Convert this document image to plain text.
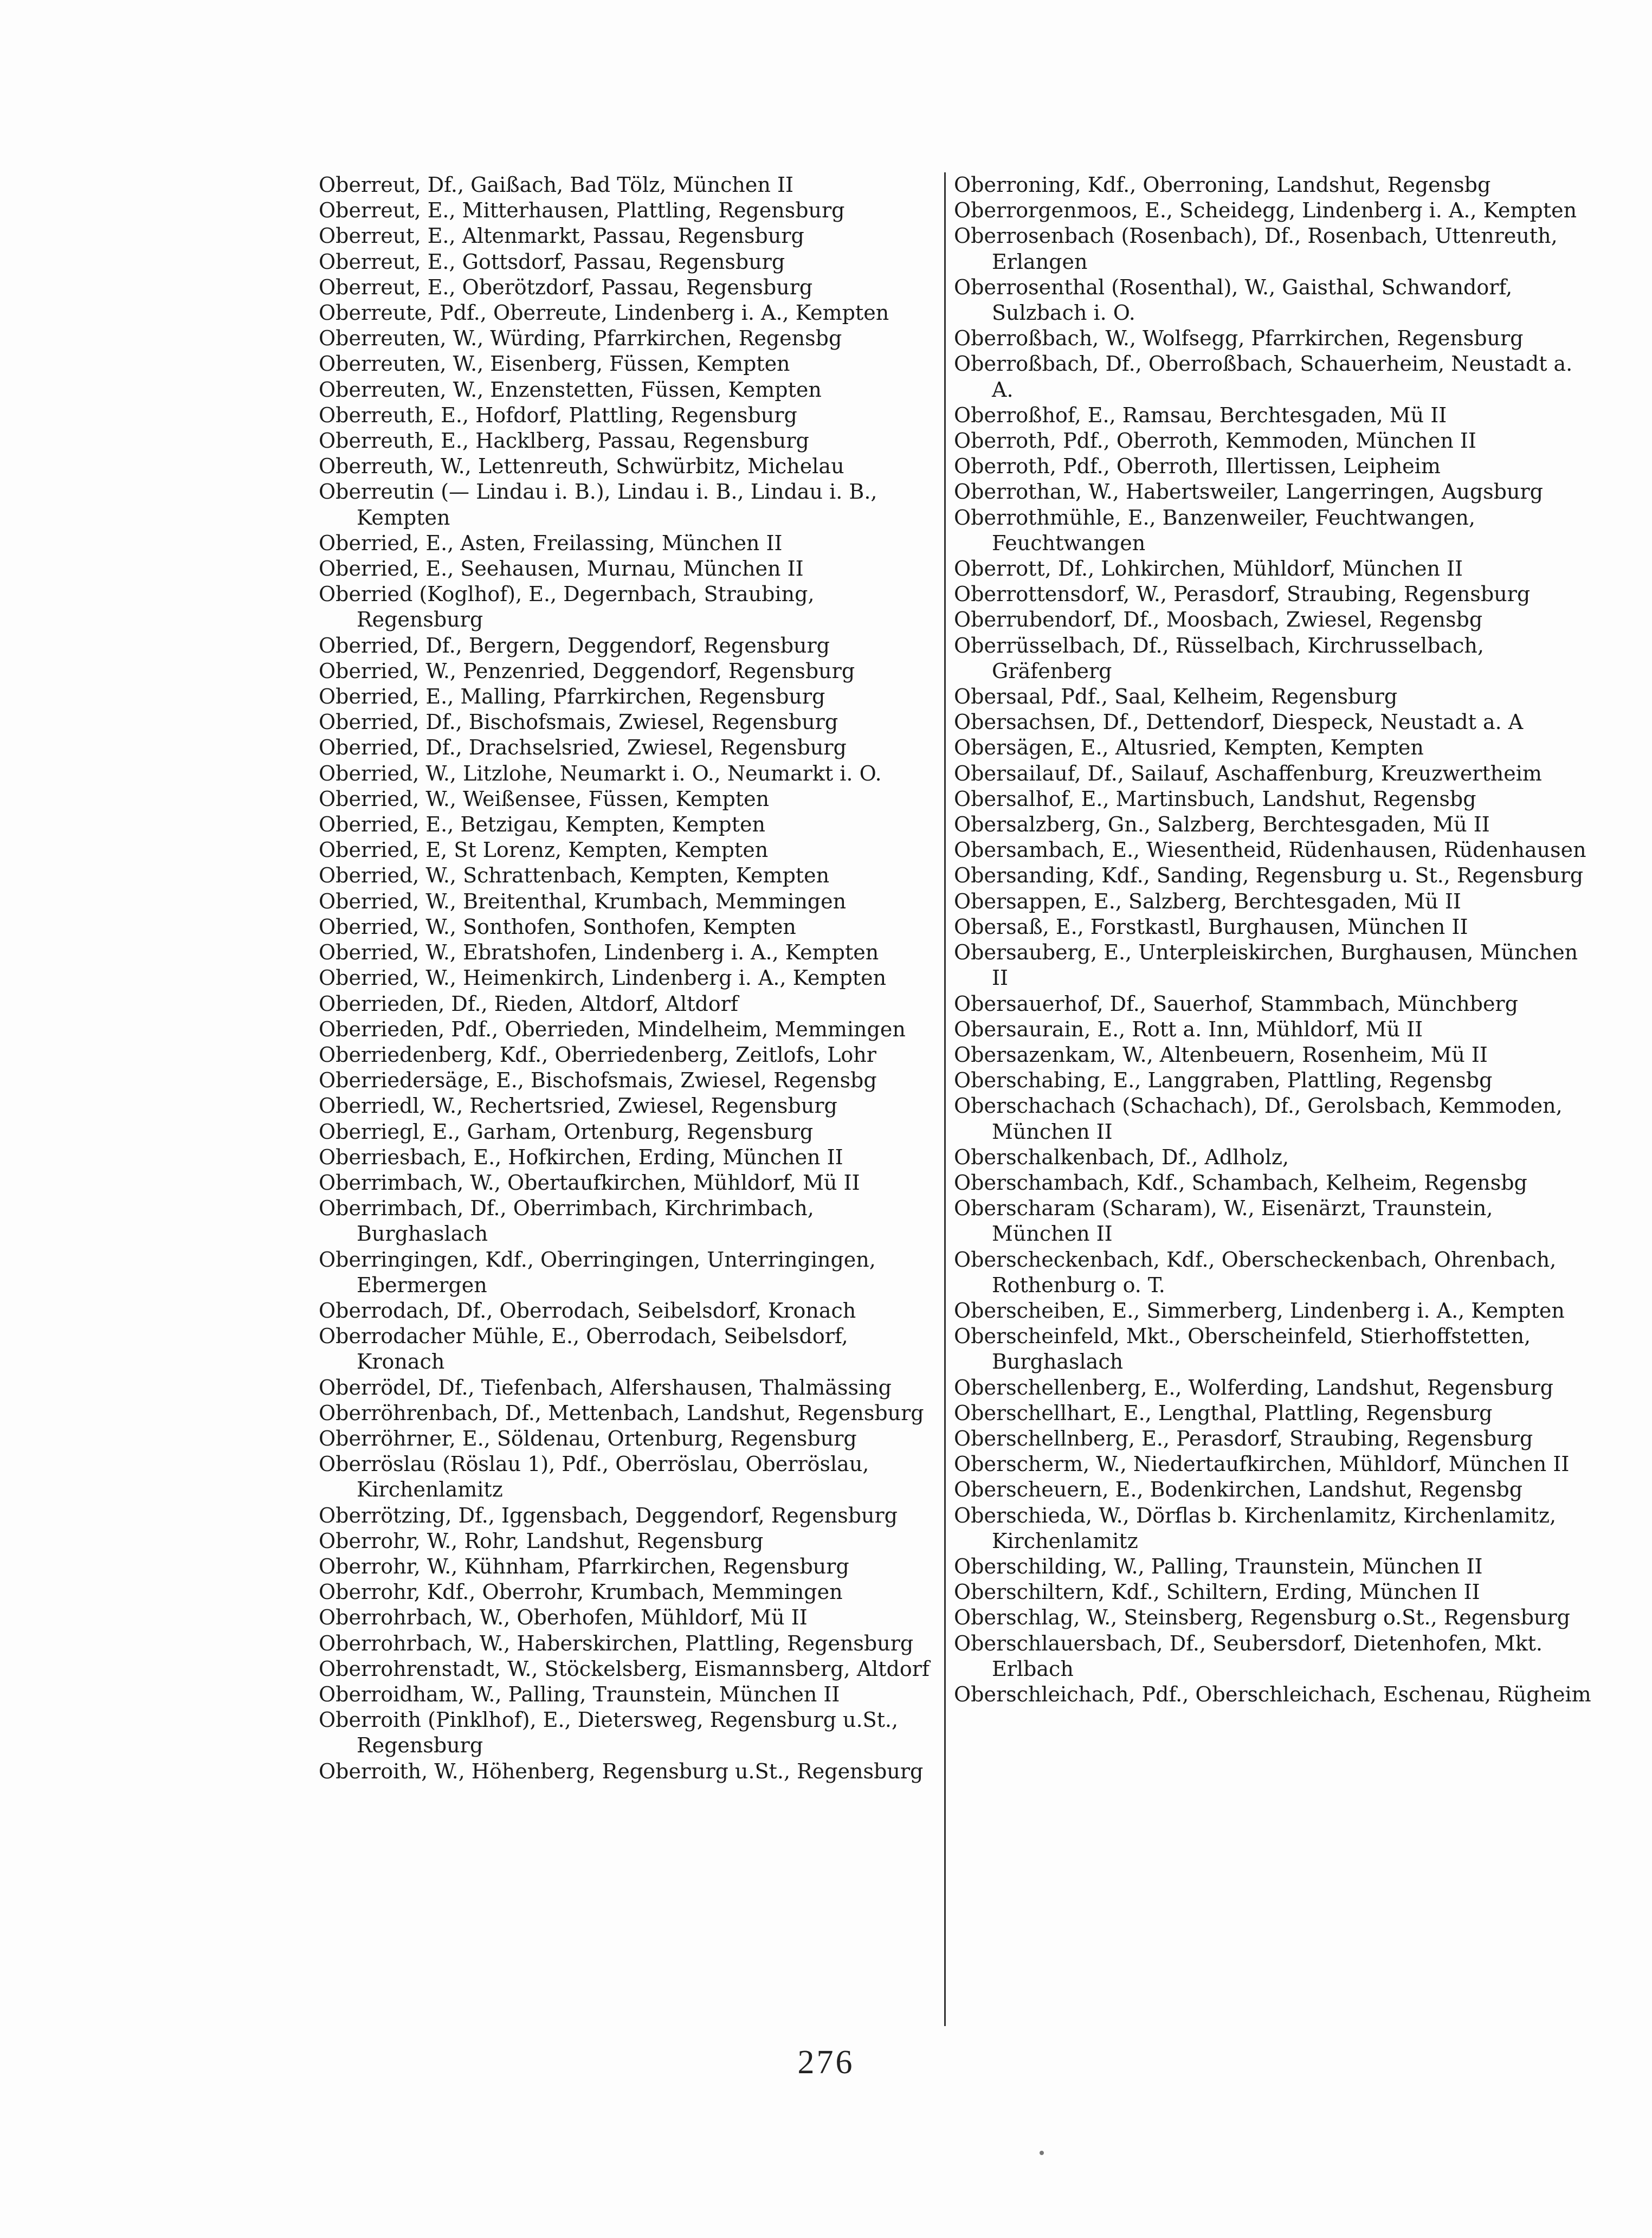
Oberreut, Df., Gaißach, Bad Tölz, München II

Oberreut, E., Mitterhausen, Plattling, Regensburg

Oberreut, E., Altenmarkt, Passau, Regensburg

Oberreut, E., Gottsdorf, Passau, Regensburg

Oberreut, E., Oberötzdorf, Passau, Regensburg

Oberreute, Pdf., Oberreute, Lindenberg i. A., Kempten

Oberreuten, W., Würding, Pfarrkirchen, Regensbg

Oberreuten, W., Eisenberg, Füssen, Kempten

Oberreuten, W., Enzenstetten, Füssen, Kempten

Oberreuth, E., Hofdorf, Plattling, Regensburg

Oberreuth, E., Hacklberg, Passau, Regensburg

Oberreuth, W., Lettenreuth, Schwürbitz, Michelau

Oberreutin (— Lindau i. B.), Lindau i. B., Lindau i. B., Kempten

Oberried, E., Asten, Freilassing, München II

Oberried, E., Seehausen, Murnau, München II

Oberried (Koglhof), E., Degernbach, Straubing, Regensburg

Oberried, Df., Bergern, Deggendorf, Regensburg

Oberried, W., Penzenried, Deggendorf, Regensburg

Oberried, E., Malling, Pfarrkirchen, Regensburg

Oberried, Df., Bischofsmais, Zwiesel, Regensburg

Oberried, Df., Drachselsried, Zwiesel, Regensburg

Oberried, W., Litzlohe, Neumarkt i. O., Neumarkt i. O.

Oberried, W., Weißensee, Füssen, Kempten

Oberried, E., Betzigau, Kempten, Kempten

Oberried, E, St Lorenz, Kempten, Kempten

Oberried, W., Schrattenbach, Kempten, Kempten

Oberried, W., Breitenthal, Krumbach, Memmingen

Oberried, W., Sonthofen, Sonthofen, Kempten

Oberried, W., Ebratshofen, Lindenberg i. A., Kempten

Oberried, W., Heimenkirch, Lindenberg i. A., Kempten

Oberrieden, Df., Rieden, Altdorf, Altdorf

Oberrieden, Pdf., Oberrieden, Mindelheim, Memmingen

Oberriedenberg, Kdf., Oberriedenberg, Zeitlofs, Lohr

Oberriedersäge, E., Bischofsmais, Zwiesel, Regensbg

Oberriedl, W., Rechertsried, Zwiesel, Regensburg

Oberriegl, E., Garham, Ortenburg, Regensburg

Oberriesbach, E., Hofkirchen, Erding, München II

Oberrimbach, W., Obertaufkirchen, Mühldorf, Mü II

Oberrimbach, Df., Oberrimbach, Kirchrimbach, Burghaslach

Oberringingen, Kdf., Oberringingen, Unterringingen, Ebermergen

Oberrodach, Df., Oberrodach, Seibelsdorf, Kronach

Oberrodacher Mühle, E., Oberrodach, Seibelsdorf, Kronach

Oberrödel, Df., Tiefenbach, Alfershausen, Thalmässing

Oberröhrenbach, Df., Mettenbach, Landshut, Regensburg

Oberröhrner, E., Söldenau, Ortenburg, Regensburg

Oberröslau (Röslau 1), Pdf., Oberröslau, Oberröslau, Kirchenlamitz

Oberrötzing, Df., Iggensbach, Deggendorf, Regensburg

Oberrohr, W., Rohr, Landshut, Regensburg

Oberrohr, W., Kühnham, Pfarrkirchen, Regensburg

Oberrohr, Kdf., Oberrohr, Krumbach, Memmingen

Oberrohrbach, W., Oberhofen, Mühldorf, Mü II

Oberrohrbach, W., Haberskirchen, Plattling, Regensburg

Oberrohrenstadt, W., Stöckelsberg, Eismannsberg, Altdorf

Oberroidham, W., Palling, Traunstein, München II

Oberroith (Pinklhof), E., Dietersweg, Regensburg u.St., Regensburg

Oberroith, W., Höhenberg, Regensburg u.St., Regensburg

Oberroning, Kdf., Oberroning, Landshut, Regensbg

Oberrorgenmoos, E., Scheidegg, Lindenberg i. A., Kempten

Oberrosenbach (Rosenbach), Df., Rosenbach, Uttenreuth, Erlangen

Oberrosenthal (Rosenthal), W., Gaisthal, Schwandorf, Sulzbach i. O.

Oberroßbach, W., Wolfsegg, Pfarrkirchen, Regensburg

Oberroßbach, Df., Oberroßbach, Schauerheim, Neustadt a. A.

Oberroßhof, E., Ramsau, Berchtesgaden, Mü II

Oberroth, Pdf., Oberroth, Kemmoden, München II

Oberroth, Pdf., Oberroth, Illertissen, Leipheim

Oberrothan, W., Habertsweiler, Langerringen, Augsburg

Oberrothmühle, E., Banzenweiler, Feuchtwangen, Feuchtwangen

Oberrott, Df., Lohkirchen, Mühldorf, München II

Oberrottensdorf, W., Perasdorf, Straubing, Regensburg

Oberrubendorf, Df., Moosbach, Zwiesel, Regensbg

Oberrüsselbach, Df., Rüsselbach, Kirchrusselbach, Gräfenberg

Obersaal, Pdf., Saal, Kelheim, Regensburg

Obersachsen, Df., Dettendorf, Diespeck, Neustadt a. A

Obersägen, E., Altusried, Kempten, Kempten

Obersailauf, Df., Sailauf, Aschaffenburg, Kreuzwertheim

Obersalhof, E., Martinsbuch, Landshut, Regensbg

Obersalzberg, Gn., Salzberg, Berchtesgaden, Mü II

Obersambach, E., Wiesentheid, Rüdenhausen, Rüdenhausen

Obersanding, Kdf., Sanding, Regensburg u. St., Regensburg

Obersappen, E., Salzberg, Berchtesgaden, Mü II

Obersaß, E., Forstkastl, Burghausen, München II

Obersauberg, E., Unterpleiskirchen, Burghausen, München II

Obersauerhof, Df., Sauerhof, Stammbach, Münchberg

Obersaurain, E., Rott a. Inn, Mühldorf, Mü II

Obersazenkam, W., Altenbeuern, Rosenheim, Mü II

Oberschabing, E., Langgraben, Plattling, Regensbg

Oberschachach (Schachach), Df., Gerolsbach, Kemmoden, München II

Oberschalkenbach, Df., Adlholz,

Oberschambach, Kdf., Schambach, Kelheim, Regensbg

Oberscharam (Scharam), W., Eisenärzt, Traunstein, München II

Oberscheckenbach, Kdf., Oberscheckenbach, Ohrenbach, Rothenburg o. T.

Oberscheiben, E., Simmerberg, Lindenberg i. A., Kempten

Oberscheinfeld, Mkt., Oberscheinfeld, Stierhoffstetten, Burghaslach

Oberschellenberg, E., Wolferding, Landshut, Regensburg

Oberschellhart, E., Lengthal, Plattling, Regensburg

Oberschellnberg, E., Perasdorf, Straubing, Regensburg

Oberscherm, W., Niedertaufkirchen, Mühldorf, München II

Oberscheuern, E., Bodenkirchen, Landshut, Regensbg

Oberschieda, W., Dörflas b. Kirchenlamitz, Kirchenlamitz, Kirchenlamitz

Oberschilding, W., Palling, Traunstein, München II

Oberschiltern, Kdf., Schiltern, Erding, München II

Oberschlag, W., Steinsberg, Regensburg o.St., Regensburg

Oberschlauersbach, Df., Seubersdorf, Dietenhofen, Mkt. Erlbach

Oberschleichach, Pdf., Oberschleichach, Eschenau, Rügheim

276
